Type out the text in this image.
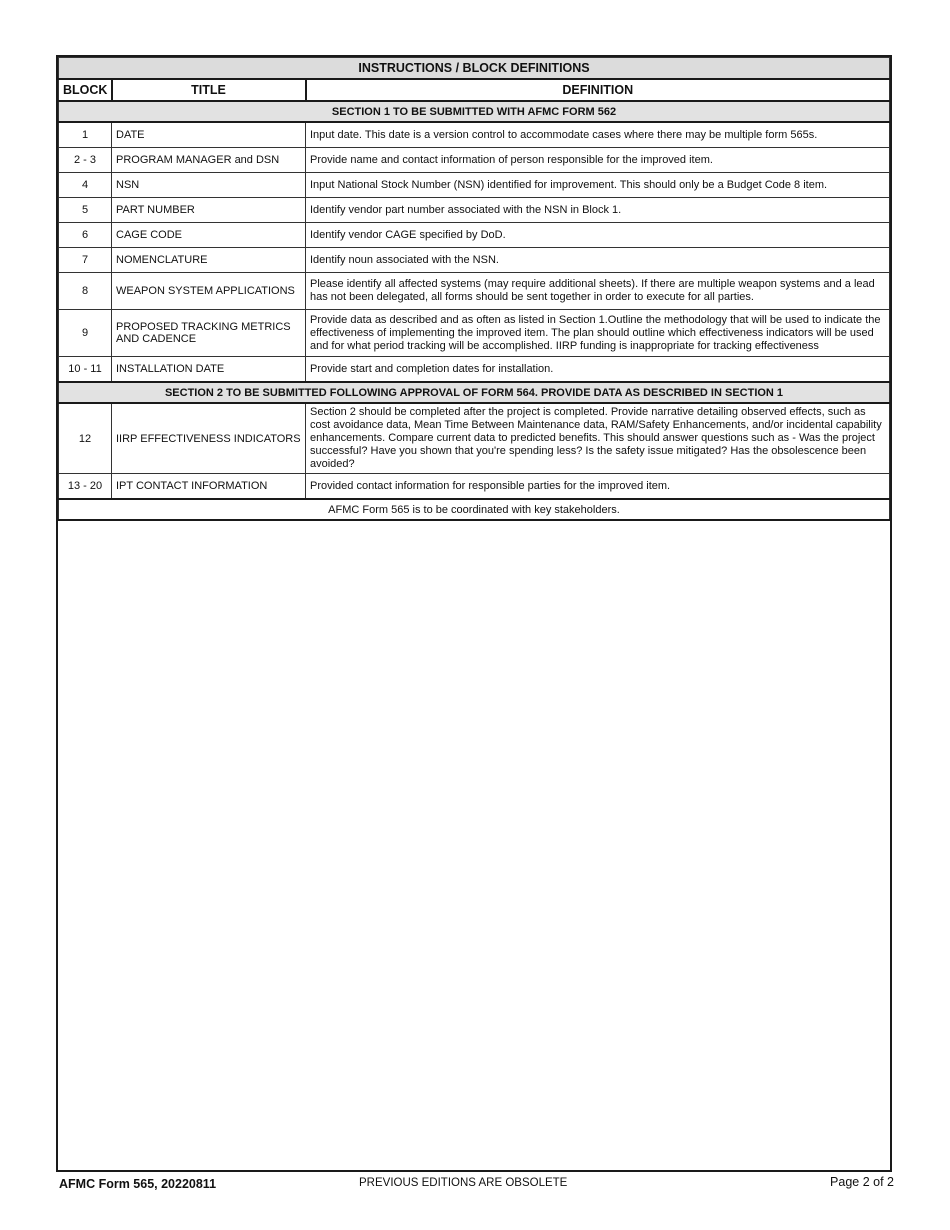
INSTRUCTIONS / BLOCK DEFINITIONS		
BLOCK	TITLE	DEFINITION
SECTION 1 TO BE SUBMITTED WITH AFMC FORM 562		
1	DATE	Input date. This date is a version control to accommodate cases where there may be multiple form 565s.
2 - 3	PROGRAM MANAGER and DSN	Provide name and contact information of person responsible for the improved item.
4	NSN	Input National Stock Number (NSN) identified for improvement. This should only be a Budget Code 8 item.
5	PART NUMBER	Identify vendor part number associated with the NSN in Block 1.
6	CAGE CODE	Identify vendor CAGE specified by DoD.
7	NOMENCLATURE	Identify noun associated with the NSN.
8	WEAPON SYSTEM APPLICATIONS	Please identify all affected systems (may require additional sheets). If there are multiple weapon systems and a lead has not been delegated, all forms should be sent together in order to execute for all parties.
9	PROPOSED TRACKING METRICS AND CADENCE	Provide data as described and as often as listed in Section 1.Outline the methodology that will be used to indicate the effectiveness of implementing the improved item. The plan should outline which effectiveness indicators will be used and for what period tracking will be accomplished. IIRP funding is inappropriate for tracking effectiveness
10 - 11	INSTALLATION DATE	Provide start and completion dates for installation.
SECTION 2 TO BE SUBMITTED FOLLOWING APPROVAL OF FORM 564. PROVIDE DATA AS DESCRIBED IN SECTION 1		
12	IIRP EFFECTIVENESS INDICATORS	Section 2 should be completed after the project is completed. Provide narrative detailing observed effects, such as cost avoidance data, Mean Time Between Maintenance data, RAM/Safety Enhancements, and/or incidental capability enhancements. Compare current data to predicted benefits. This should answer questions such as - Was the project successful? Have you shown that you're spending less? Is the safety issue mitigated? Has the obsolescence been avoided?
13 - 20	IPT CONTACT INFORMATION	Provided contact information for responsible parties for the improved item.
AFMC Form 565 is to be coordinated with key stakeholders.		
AFMC Form 565, 20220811	PREVIOUS EDITIONS ARE OBSOLETE	Page 2 of 2
